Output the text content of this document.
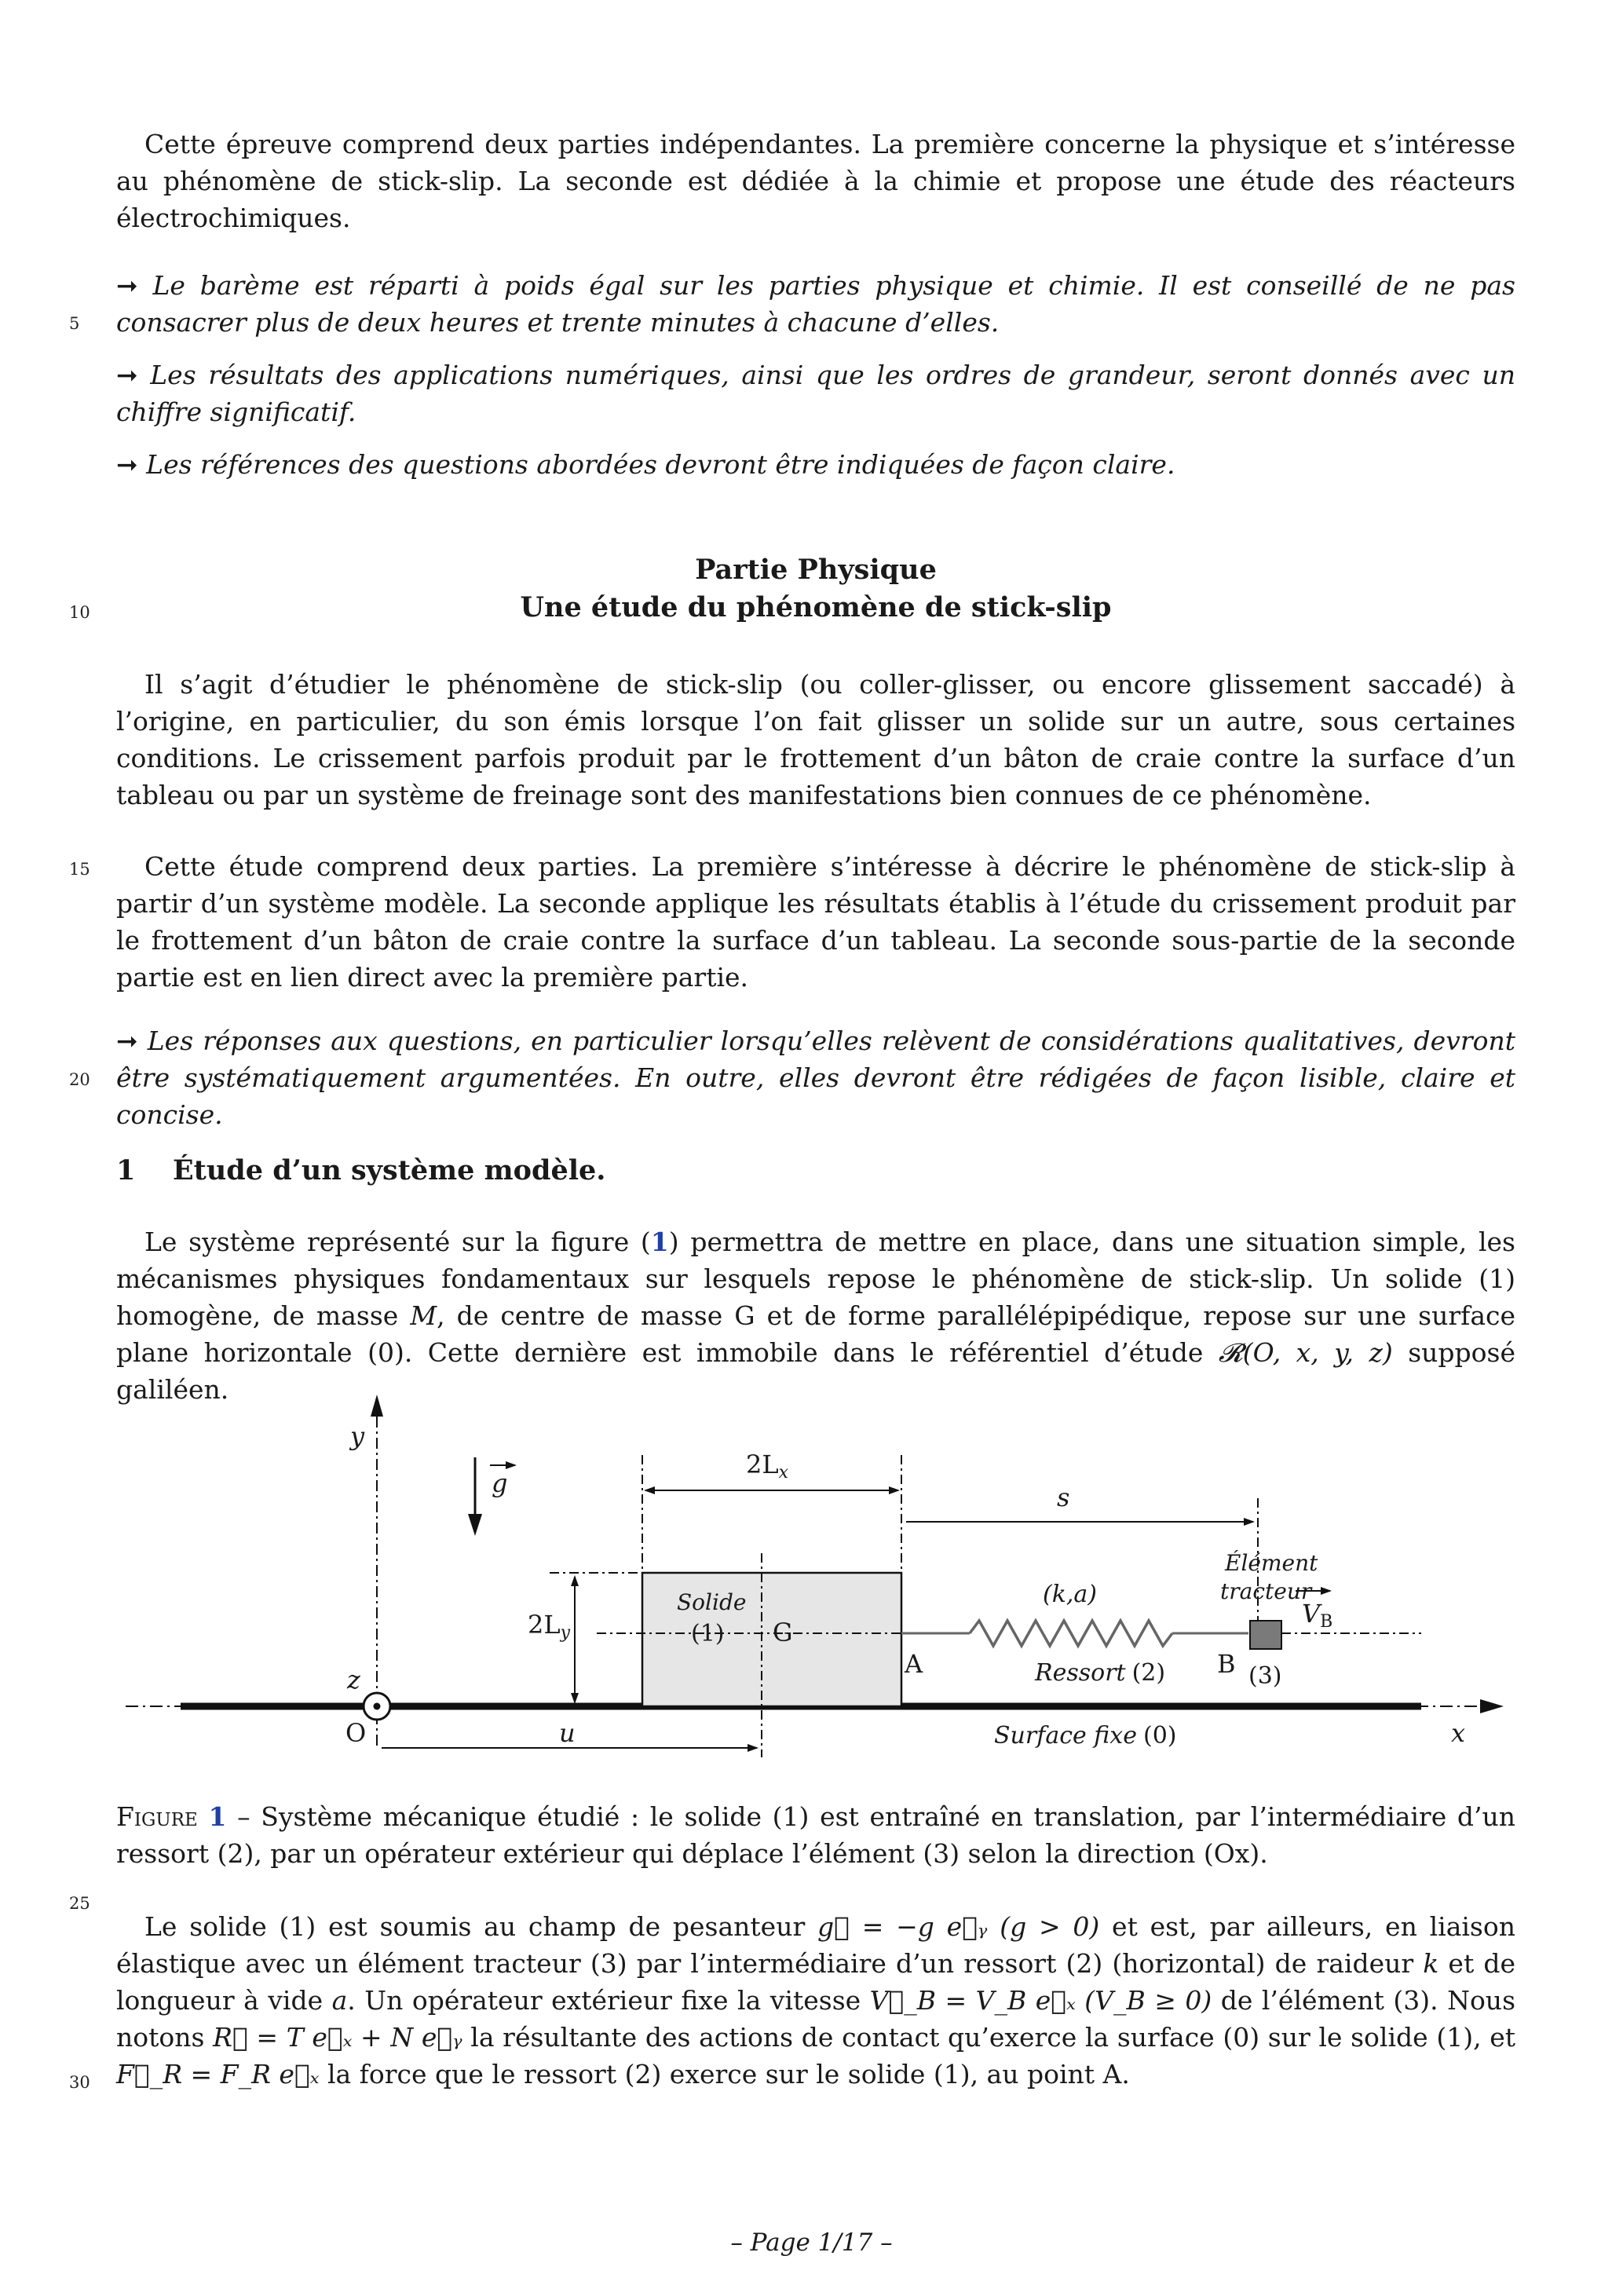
Cette épreuve comprend deux parties indépendantes. La première concerne la physique et s’intéresse au phénomène de stick-slip. La seconde est dédiée à la chimie et propose une étude des réacteurs électrochimiques.

➞ Le barème est réparti à poids égal sur les parties physique et chimie. Il est conseillé de ne pas consacrer plus de deux heures et trente minutes à chacune d’elles.

5

➞ Les résultats des applications numériques, ainsi que les ordres de grandeur, seront donnés avec un chiffre significatif.

➞ Les références des questions abordées devront être indiquées de façon claire.

Partie Physique
Une étude du phénomène de stick-slip
10

Il s’agit d’étudier le phénomène de stick-slip (ou coller-glisser, ou encore glissement saccadé) à l’origine, en particulier, du son émis lorsque l’on fait glisser un solide sur un autre, sous certaines conditions. Le crissement parfois produit par le frottement d’un bâton de craie contre la surface d’un tableau ou par un système de freinage sont des manifestations bien connues de ce phénomène.

Cette étude comprend deux parties. La première s’intéresse à décrire le phénomène de stick-slip à partir d’un système modèle. La seconde applique les résultats établis à l’étude du crissement produit par le frottement d’un bâton de craie contre la surface d’un tableau. La seconde sous-partie de la seconde partie est en lien direct avec la première partie.

15

➞ Les réponses aux questions, en particulier lorsqu’elles relèvent de considérations qualitatives, devront être systématiquement argumentées. En outre, elles devront être rédigées de façon lisible, claire et concise.

20
1 Étude d’un système modèle.

Le système représenté sur la figure (1) permettra de mettre en place, dans une situation simple, les mécanismes physiques fondamentaux sur lesquels repose le phénomène de stick-slip. Un solide (1) homogène, de masse M, de centre de masse G et de forme parallélépipédique, repose sur une surface plane horizontale (0). Cette dernière est immobile dans le référentiel d’étude 𝓡(O, x, y, z) supposé galiléen.

y
x
z
O
g
Solide
(1) G
A
2Lx
2Ly
u
(k,a)
Ressort (2)
Élément
tracteur
B (3)
VB
s
Surface fixe (0)

Figure 1 – Système mécanique étudié : le solide (1) est entraîné en translation, par l’intermédiaire d’un ressort (2), par un opérateur extérieur qui déplace l’élément (3) selon la direction (Ox).

25

Le solide (1) est soumis au champ de pesanteur g⃗ = −g e⃗ᵧ (g > 0) et est, par ailleurs, en liaison élastique avec un élément tracteur (3) par l’intermédiaire d’un ressort (2) (horizontal) de raideur k et de longueur à vide a. Un opérateur extérieur fixe la vitesse V⃗_B = V_B e⃗ₓ (V_B ≥ 0) de l’élément (3). Nous notons R⃗ = T e⃗ₓ + N e⃗ᵧ la résultante des actions de contact qu’exerce la surface (0) sur le solide (1), et F⃗_R = F_R e⃗ₓ la force que le ressort (2) exerce sur le solide (1), au point A.

30
– Page 1/17 –
